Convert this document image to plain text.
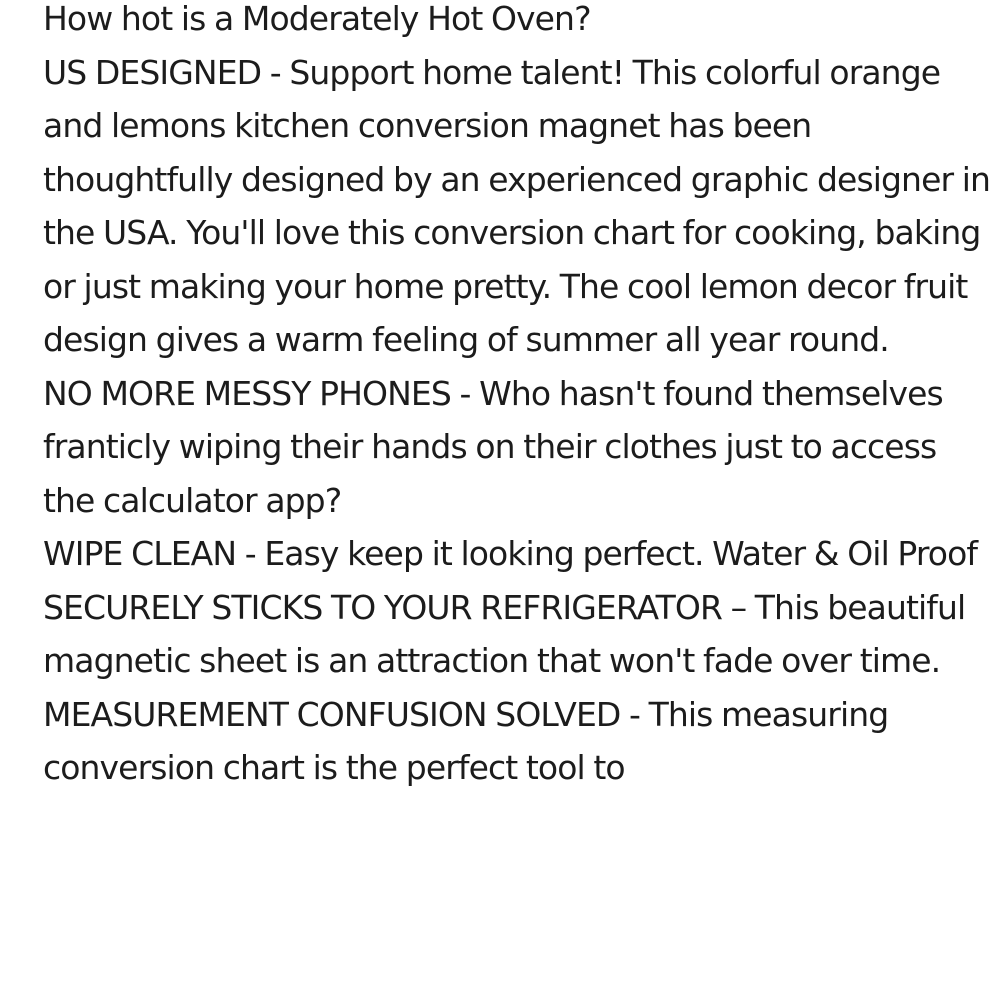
How hot is a Moderately Hot Oven?

US DESIGNED - Support home talent! This colorful orange and lemons kitchen conversion magnet has been thoughtfully designed by an experienced graphic designer in the USA. You'll love this conversion chart for cooking, baking or just making your home pretty. The cool lemon decor fruit design gives a warm feeling of summer all year round.

NO MORE MESSY PHONES - Who hasn't found themselves franticly wiping their hands on their clothes just to access the calculator app?

WIPE CLEAN - Easy keep it looking perfect. Water & Oil Proof

SECURELY STICKS TO YOUR REFRIGERATOR – This beautiful magnetic sheet is an attraction that won't fade over time.

MEASUREMENT CONFUSION SOLVED - This measuring conversion chart is the perfect tool to
